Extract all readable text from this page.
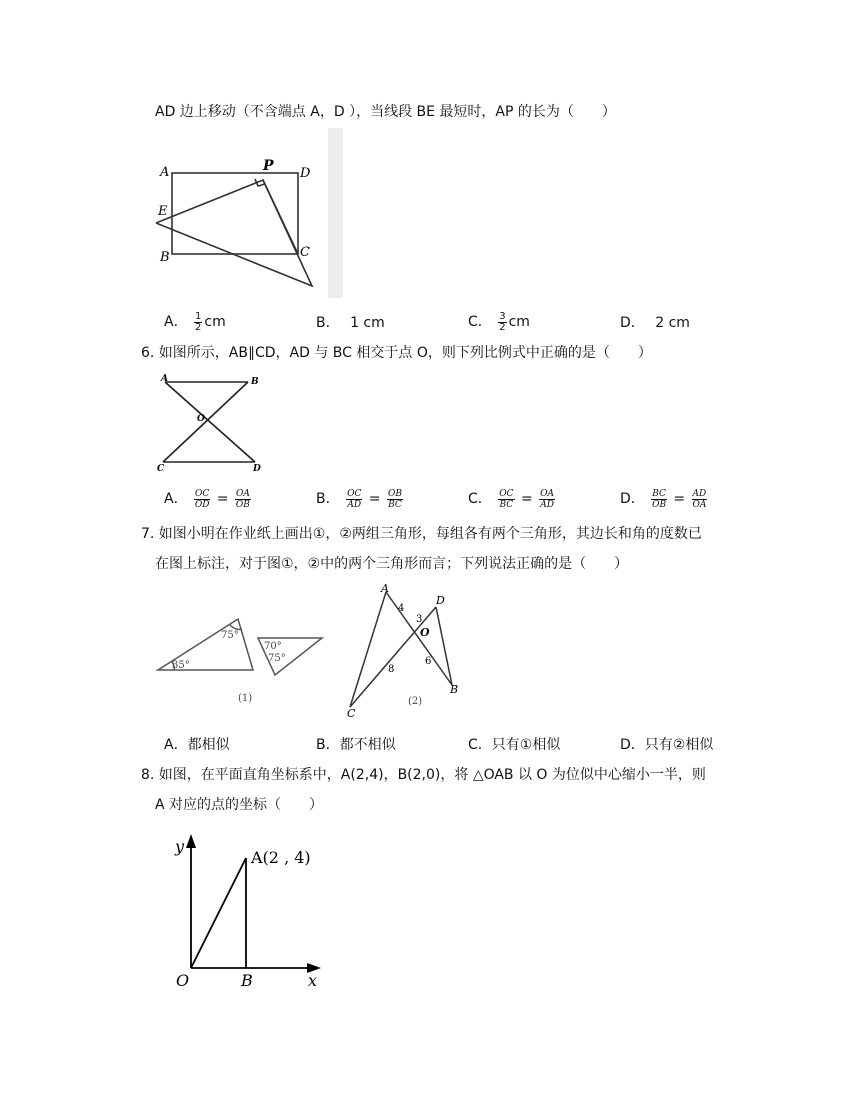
AD 边上移动（不含端点 A，D ），当线段 BE 最短时，AP 的长为（　　）
A	P D
E
B	C
A． $\frac{1}{2}$ cm	B． 1 cm	C． $\frac{3}{2}$ cm	D． 2 cm
6. 如图所示，AB∥CD，AD 与 BC 相交于点 O，则下列比例式中正确的是（　　）
A	B
O
C	D
A． $\frac{OC}{OD} = \frac{OA}{OB}$	B． $\frac{OC}{AD} = \frac{OB}{BC}$	C． $\frac{OC}{BC} = \frac{OA}{AD}$	D． $\frac{BC}{OB} = \frac{AD}{OA}$
7. 如图小明在作业纸上画出①，②两组三角形，每组各有两个三角形，其边长和角的度数已
在图上标注，对于图①，②中的两个三角形而言；下列说法正确的是（　　）
75°
35°
70°
75°
(1)
A
D
O
C
B
4
3
6
8
(2)
A．都相似	B．都不相似	C．只有①相似	D．只有②相似
8. 如图，在平面直角坐标系中，A(2,4)，B(2,0)，将 △OAB 以 O 为位似中心缩小一半，则
A 对应的点的坐标（　　）
y
x
O	B
A(2 , 4)
